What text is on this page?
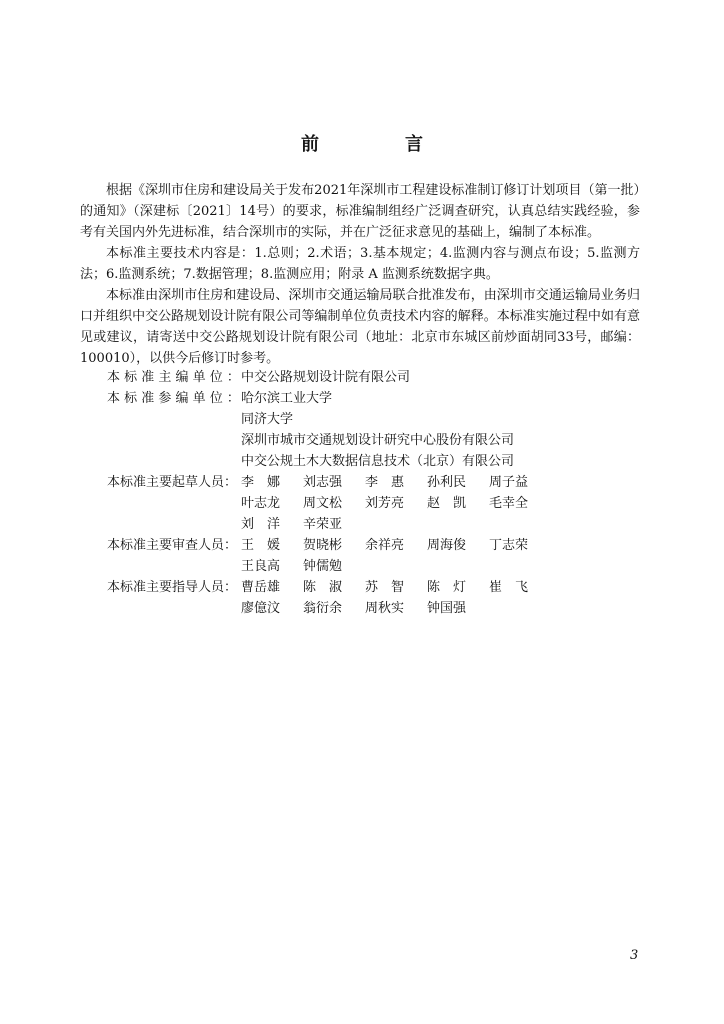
前　言

根据《深圳市住房和建设局关于发布2021年深圳市工程建设标准制订修订计划项目（第一批）的通知》（深建标〔2021〕14号）的要求，标准编制组经广泛调查研究，认真总结实践经验，参考有关国内外先进标准，结合深圳市的实际，并在广泛征求意见的基础上，编制了本标准。

本标准主要技术内容是：1.总则；2.术语；3.基本规定；4.监测内容与测点布设；5.监测方法；6.监测系统；7.数据管理；8.监测应用；附录 A 监测系统数据字典。

本标准由深圳市住房和建设局、深圳市交通运输局联合批准发布，由深圳市交通运输局业务归口并组织中交公路规划设计院有限公司等编制单位负责技术内容的解释。本标准实施过程中如有意见或建议，请寄送中交公路规划设计院有限公司（地址：北京市东城区前炒面胡同33号，邮编：100010），以供今后修订时参考。

本 标 准 主 编 单 位 ： 中交公路规划设计院有限公司
本 标 准 参 编 单 位 ： 哈尔滨工业大学
同济大学
深圳市城市交通规划设计研究中心股份有限公司
中交公规土木大数据信息技术（北京）有限公司
本标准主要起草人员： 李　娜	刘志强	李　惠	孙利民	周子益
叶志龙	周文松	刘芳亮	赵　凯	毛幸全
刘　洋	辛荣亚
本标准主要审查人员： 王　媛	贺晓彬	余祥亮	周海俊	丁志荣
王良高	钟儒勉
本标准主要指导人员： 曹岳雄	陈　淑	苏　智	陈　灯	崔　飞
廖億汶	翁衍余	周秋实	钟国强
3
